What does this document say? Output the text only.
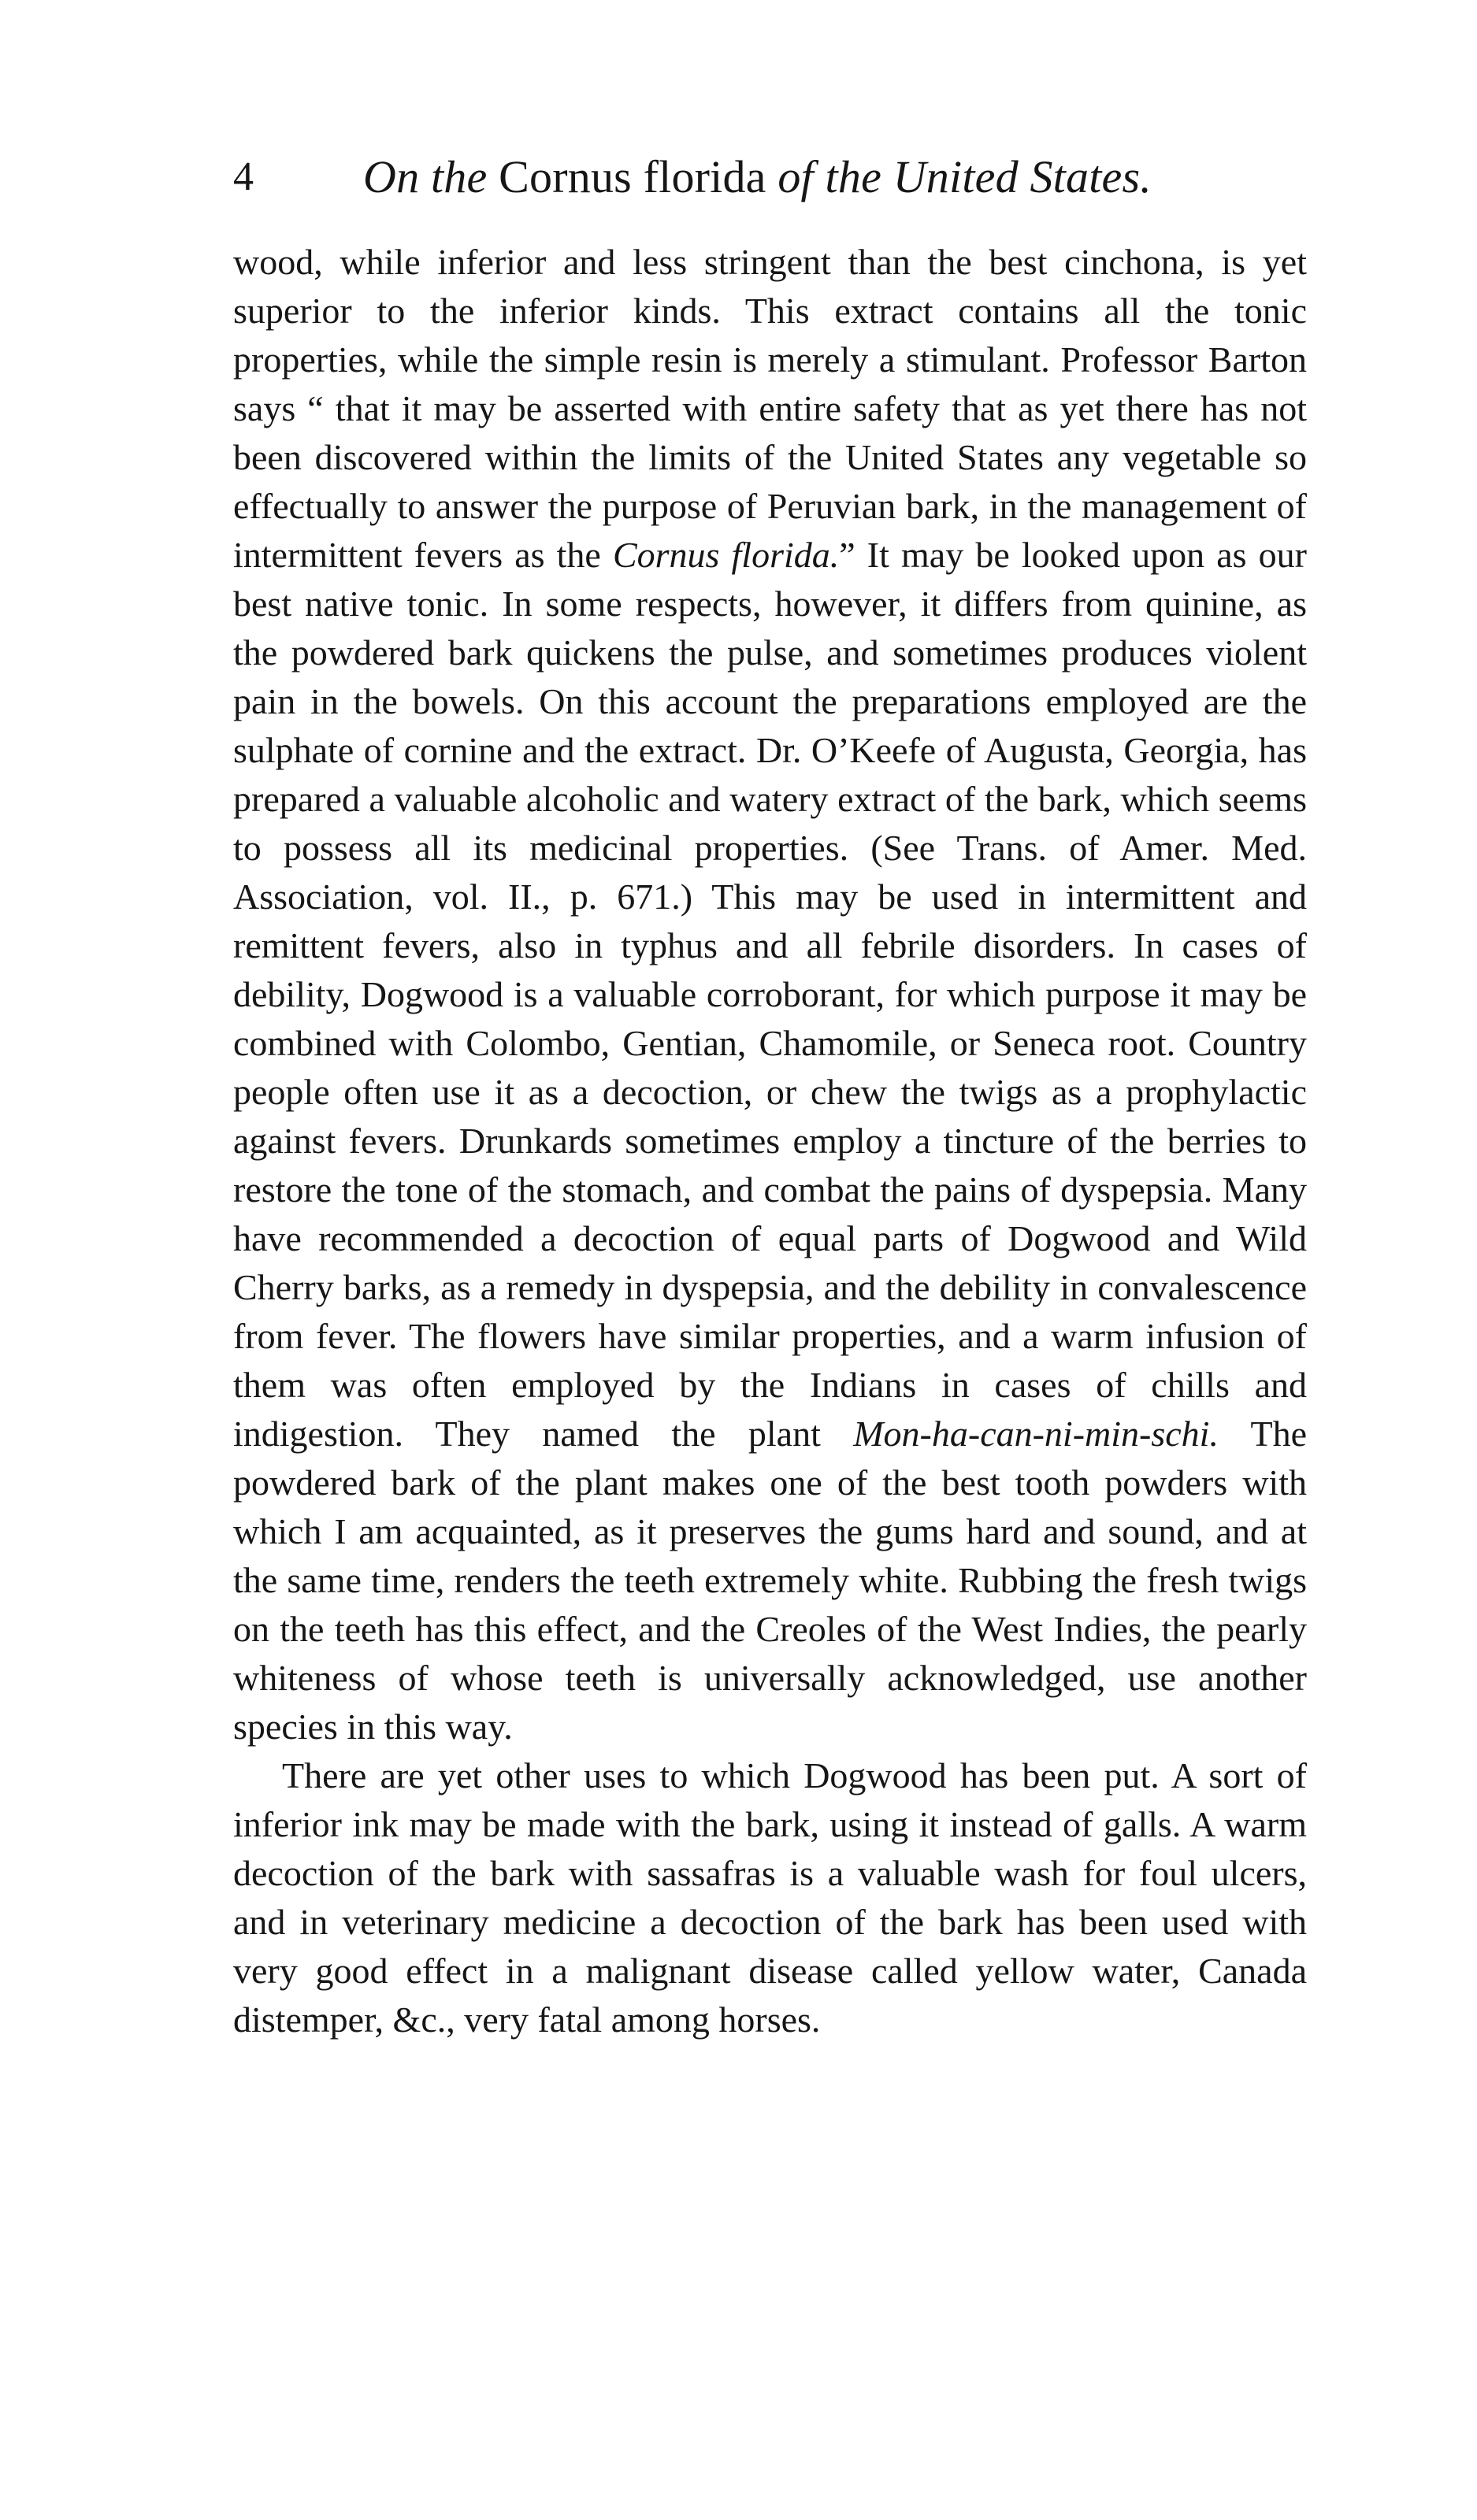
4 On the Cornus florida of the United States.

wood, while inferior and less stringent than the best cinchona, is yet superior to the inferior kinds. This extract contains all the tonic properties, while the simple resin is merely a stimulant. Professor Barton says “ that it may be asserted with entire safety that as yet there has not been discovered within the limits of the United States any vegetable so effectually to answer the purpose of Peruvian bark, in the management of intermittent fevers as the Cornus florida.” It may be looked upon as our best native tonic. In some respects, however, it differs from quinine, as the powdered bark quickens the pulse, and sometimes produces violent pain in the bowels. On this account the preparations employed are the sulphate of cornine and the extract. Dr. O’Keefe of Augusta, Georgia, has prepared a valuable alcoholic and watery extract of the bark, which seems to possess all its medicinal properties. (See Trans. of Amer. Med. Association, vol. II., p. 671.) This may be used in intermittent and remittent fevers, also in typhus and all febrile disorders. In cases of debility, Dogwood is a valuable corroborant, for which purpose it may be combined with Colombo, Gentian, Chamomile, or Seneca root. Country people often use it as a decoction, or chew the twigs as a prophylactic against fevers. Drunkards sometimes employ a tincture of the berries to restore the tone of the stomach, and combat the pains of dyspepsia. Many have recommended a decoction of equal parts of Dogwood and Wild Cherry barks, as a remedy in dyspepsia, and the debility in convalescence from fever. The flowers have similar properties, and a warm infusion of them was often employed by the Indians in cases of chills and indigestion. They named the plant Mon-ha-can-ni-min-schi. The powdered bark of the plant makes one of the best tooth powders with which I am acquainted, as it preserves the gums hard and sound, and at the same time, renders the teeth extremely white. Rubbing the fresh twigs on the teeth has this effect, and the Creoles of the West Indies, the pearly whiteness of whose teeth is universally acknowledged, use another species in this way.

There are yet other uses to which Dogwood has been put. A sort of inferior ink may be made with the bark, using it instead of galls. A warm decoction of the bark with sassafras is a valuable wash for foul ulcers, and in veterinary medicine a decoction of the bark has been used with very good effect in a malignant disease called yellow water, Canada distemper, &c., very fatal among horses.
